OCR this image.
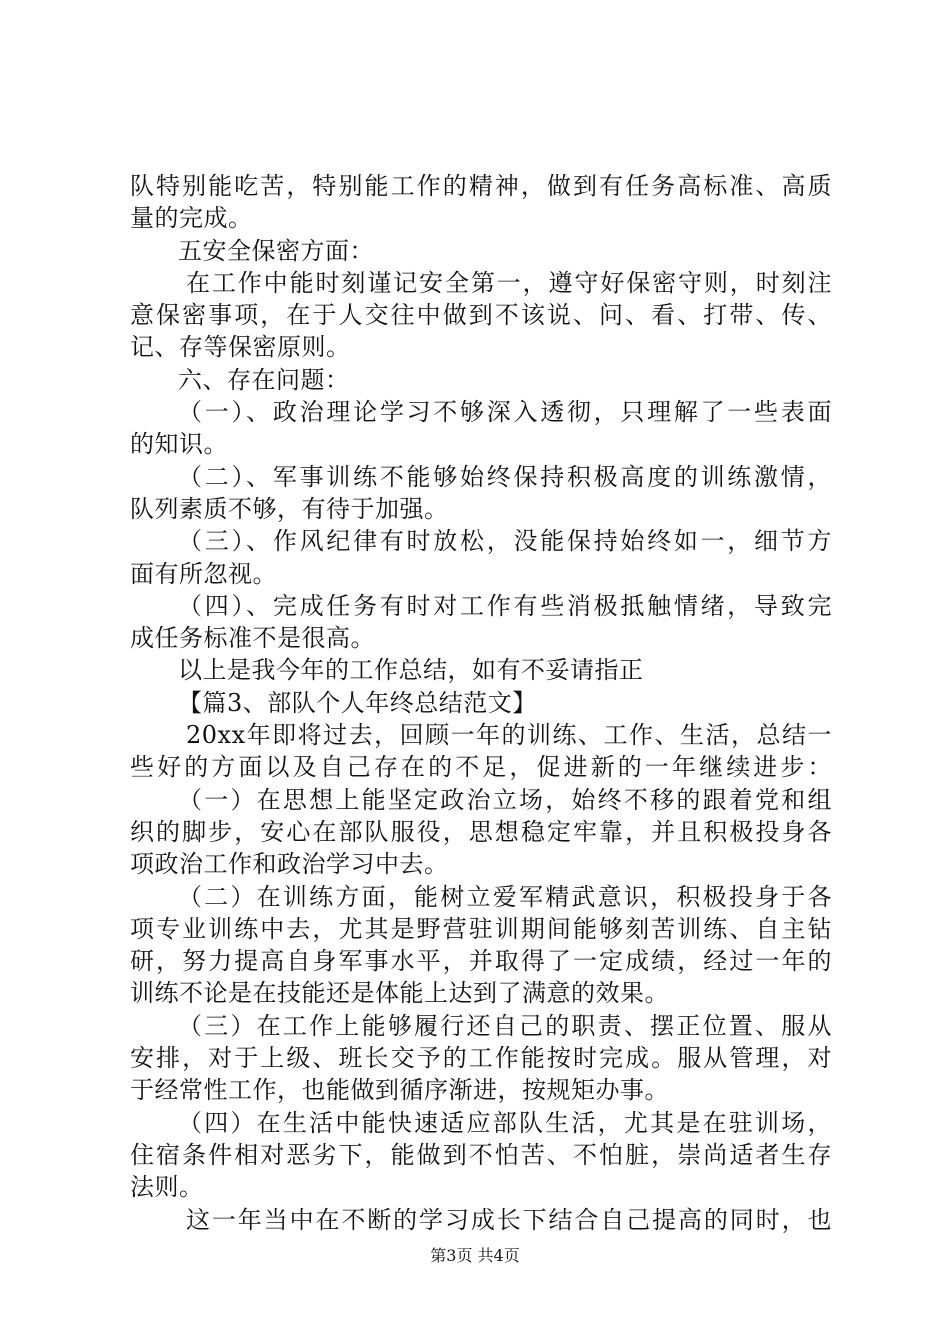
队特别能吃苦，特别能工作的精神，做到有任务高标准、高质
量的完成。
五安全保密方面：
在工作中能时刻谨记安全第一，遵守好保密守则，时刻注
意保密事项，在于人交往中做到不该说、问、看、打带、传、
记、存等保密原则。
六、存在问题：
（一）、政治理论学习不够深入透彻，只理解了一些表面
的知识。
（二）、军事训练不能够始终保持积极高度的训练激情，
队列素质不够，有待于加强。
（三）、作风纪律有时放松，没能保持始终如一，细节方
面有所忽视。
（四）、完成任务有时对工作有些消极抵触情绪，导致完
成任务标准不是很高。
以上是我今年的工作总结，如有不妥请指正
【篇3、部队个人年终总结范文】
20xx年即将过去，回顾一年的训练、工作、生活，总结一
些好的方面以及自己存在的不足，促进新的一年继续进步：
（一）在思想上能坚定政治立场，始终不移的跟着党和组
织的脚步，安心在部队服役，思想稳定牢靠，并且积极投身各
项政治工作和政治学习中去。
（二）在训练方面，能树立爱军精武意识，积极投身于各
项专业训练中去，尤其是野营驻训期间能够刻苦训练、自主钻
研，努力提高自身军事水平，并取得了一定成绩，经过一年的
训练不论是在技能还是体能上达到了满意的效果。
（三）在工作上能够履行还自己的职责、摆正位置、服从
安排，对于上级、班长交予的工作能按时完成。服从管理，对
于经常性工作，也能做到循序渐进，按规矩办事。
（四）在生活中能快速适应部队生活，尤其是在驻训场，
住宿条件相对恶劣下，能做到不怕苦、不怕脏，崇尚适者生存
法则。
这一年当中在不断的学习成长下结合自己提高的同时，也
第3页 共4页
